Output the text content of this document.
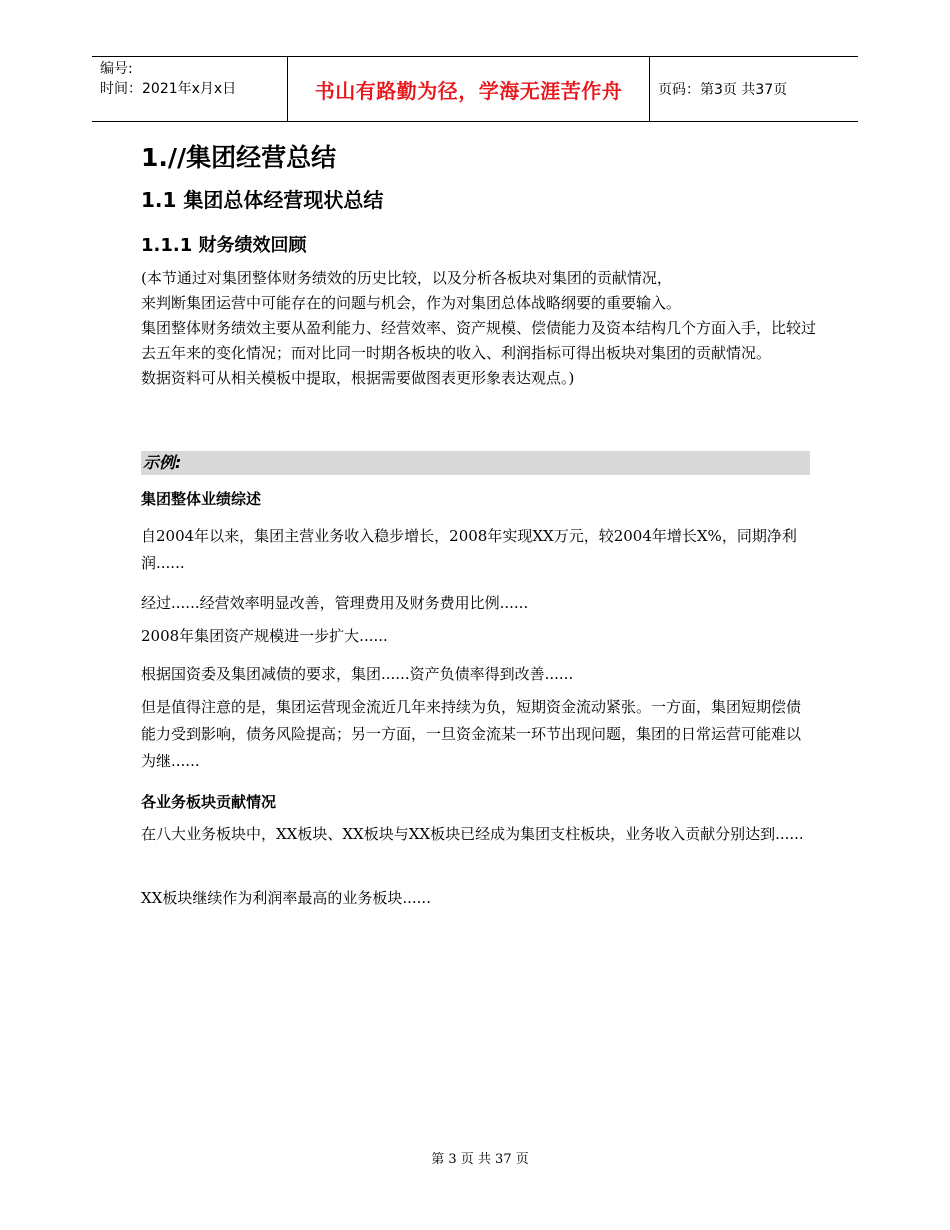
编号:
时间：2021年x月x日	书山有路勤为径，学海无涯苦作舟	页码：第3页 共37页
1.//集团经营总结
1.1 集团总体经营现状总结
1.1.1 财务绩效回顾

(本节通过对集团整体财务绩效的历史比较，以及分析各板块对集团的贡献情况，

来判断集团运营中可能存在的问题与机会，作为对集团总体战略纲要的重要输入。

集团整体财务绩效主要从盈利能力、经营效率、资产规模、偿债能力及资本结构几个方面入手，比较过去五年来的变化情况；而对比同一时期各板块的收入、利润指标可得出板块对集团的贡献情况。

数据资料可从相关模板中提取，根据需要做图表更形象表达观点。)

示例:
集团整体业绩综述

自2004年以来，集团主营业务收入稳步增长，2008年实现XX万元，较2004年增长X%，同期净利润......

经过......经营效率明显改善，管理费用及财务费用比例......

2008年集团资产规模进一步扩大......

根据国资委及集团减债的要求，集团......资产负债率得到改善......

但是值得注意的是，集团运营现金流近几年来持续为负，短期资金流动紧张。一方面，集团短期偿债能力受到影响，债务风险提高；另一方面，一旦资金流某一环节出现问题，集团的日常运营可能难以为继......

各业务板块贡献情况

在八大业务板块中，XX板块、XX板块与XX板块已经成为集团支柱板块，业务收入贡献分别达到......

XX板块继续作为利润率最高的业务板块......

第 3 页 共 37 页
